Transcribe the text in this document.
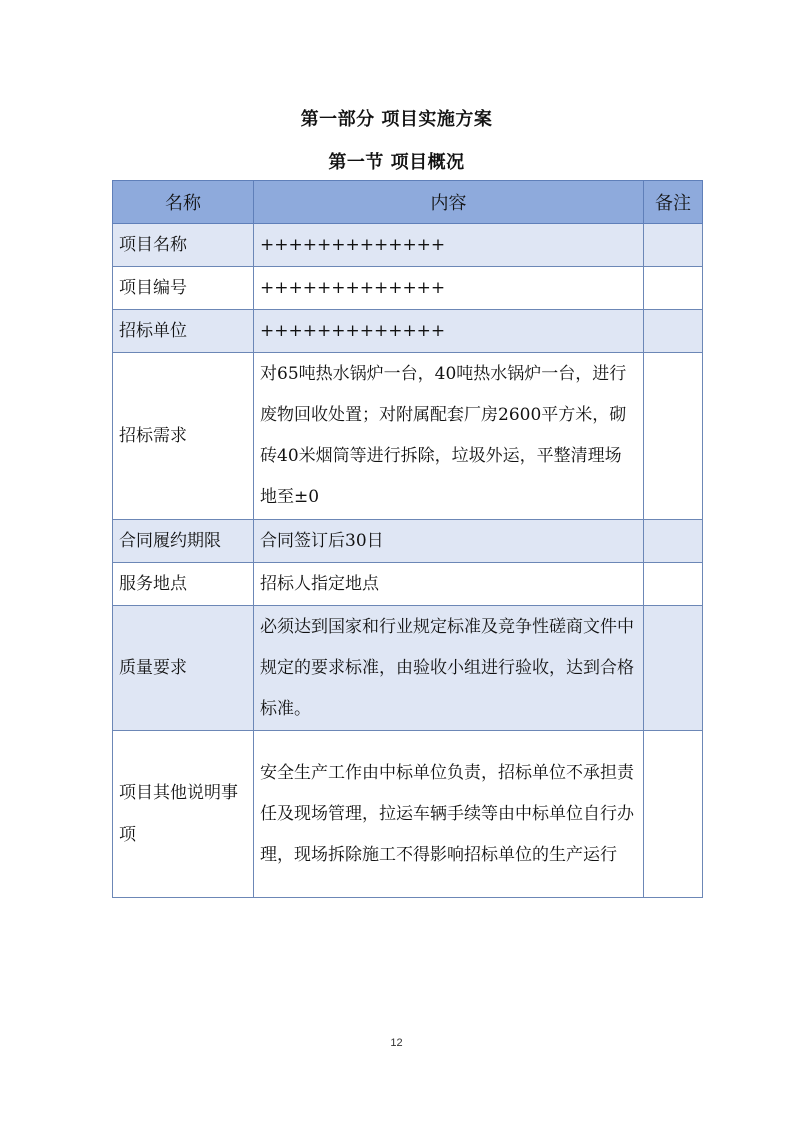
第一部分 项目实施方案
第一节 项目概况
名称	内容	备注
项目名称	+++++++++++++	
项目编号	+++++++++++++	
招标单位	+++++++++++++	
招标需求	对65吨热水锅炉一台，40吨热水锅炉一台，进行废物回收处置；对附属配套厂房2600平方米，砌砖40米烟筒等进行拆除，垃圾外运，平整清理场地至±0	
合同履约期限	合同签订后30日	
服务地点	招标人指定地点	
质量要求	必须达到国家和行业规定标准及竞争性磋商文件中规定的要求标准，由验收小组进行验收，达到合格标准。	
项目其他说明事项	安全生产工作由中标单位负责，招标单位不承担责任及现场管理，拉运车辆手续等由中标单位自行办理，现场拆除施工不得影响招标单位的生产运行	
12
